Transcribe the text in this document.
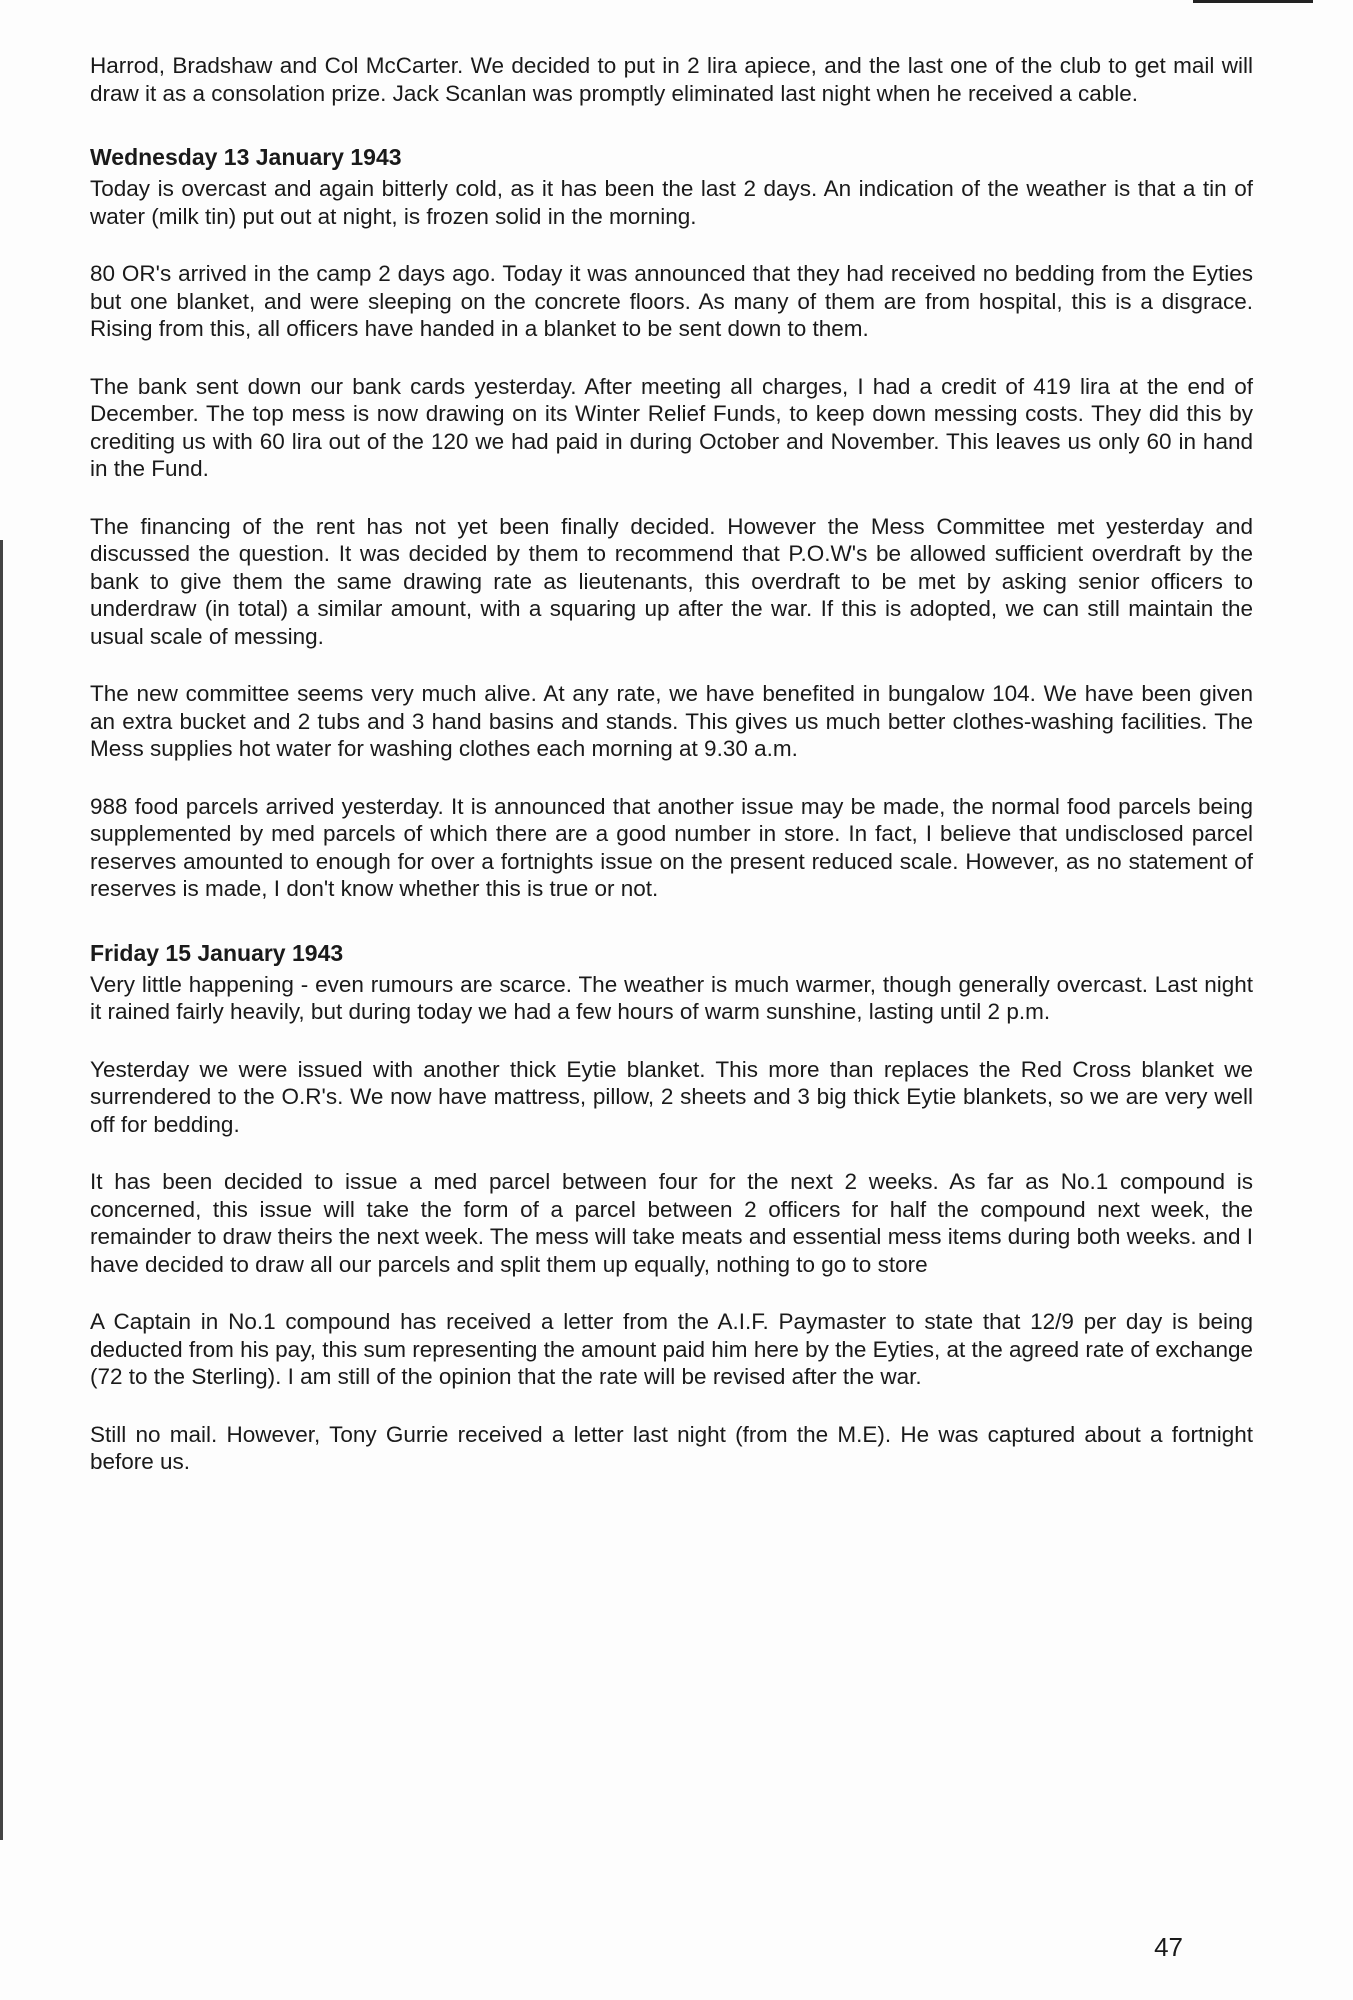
Harrod, Bradshaw and Col McCarter. We decided to put in 2 lira apiece, and the last one of the club to get mail will draw it as a consolation prize. Jack Scanlan was promptly eliminated last night when he received a cable.

Wednesday 13 January 1943

Today is overcast and again bitterly cold, as it has been the last 2 days. An indication of the weather is that a tin of water (milk tin) put out at night, is frozen solid in the morning.

80 OR's arrived in the camp 2 days ago. Today it was announced that they had received no bedding from the Eyties but one blanket, and were sleeping on the concrete floors. As many of them are from hospital, this is a disgrace. Rising from this, all officers have handed in a blanket to be sent down to them.

The bank sent down our bank cards yesterday. After meeting all charges, I had a credit of 419 lira at the end of December. The top mess is now drawing on its Winter Relief Funds, to keep down messing costs. They did this by crediting us with 60 lira out of the 120 we had paid in during October and November. This leaves us only 60 in hand in the Fund.

The financing of the rent has not yet been finally decided. However the Mess Committee met yesterday and discussed the question. It was decided by them to recommend that P.O.W's be allowed sufficient overdraft by the bank to give them the same drawing rate as lieutenants, this overdraft to be met by asking senior officers to underdraw (in total) a similar amount, with a squaring up after the war. If this is adopted, we can still maintain the usual scale of messing.

The new committee seems very much alive. At any rate, we have benefited in bungalow 104. We have been given an extra bucket and 2 tubs and 3 hand basins and stands. This gives us much better clothes-washing facilities. The Mess supplies hot water for washing clothes each morning at 9.30 a.m.

988 food parcels arrived yesterday. It is announced that another issue may be made, the normal food parcels being supplemented by med parcels of which there are a good number in store. In fact, I believe that undisclosed parcel reserves amounted to enough for over a fortnights issue on the present reduced scale. However, as no statement of reserves is made, I don't know whether this is true or not.

Friday 15 January 1943

Very little happening - even rumours are scarce. The weather is much warmer, though generally overcast. Last night it rained fairly heavily, but during today we had a few hours of warm sunshine, lasting until 2 p.m.

Yesterday we were issued with another thick Eytie blanket. This more than replaces the Red Cross blanket we surrendered to the O.R's. We now have mattress, pillow, 2 sheets and 3 big thick Eytie blankets, so we are very well off for bedding.

It has been decided to issue a med parcel between four for the next 2 weeks. As far as No.1 compound is concerned, this issue will take the form of a parcel between 2 officers for half the compound next week, the remainder to draw theirs the next week. The mess will take meats and essential mess items during both weeks. and I have decided to draw all our parcels and split them up equally, nothing to go to store

A Captain in No.1 compound has received a letter from the A.I.F. Paymaster to state that 12/9 per day is being deducted from his pay, this sum representing the amount paid him here by the Eyties, at the agreed rate of exchange (72 to the Sterling). I am still of the opinion that the rate will be revised after the war.

Still no mail. However, Tony Gurrie received a letter last night (from the M.E). He was captured about a fortnight before us.

47
